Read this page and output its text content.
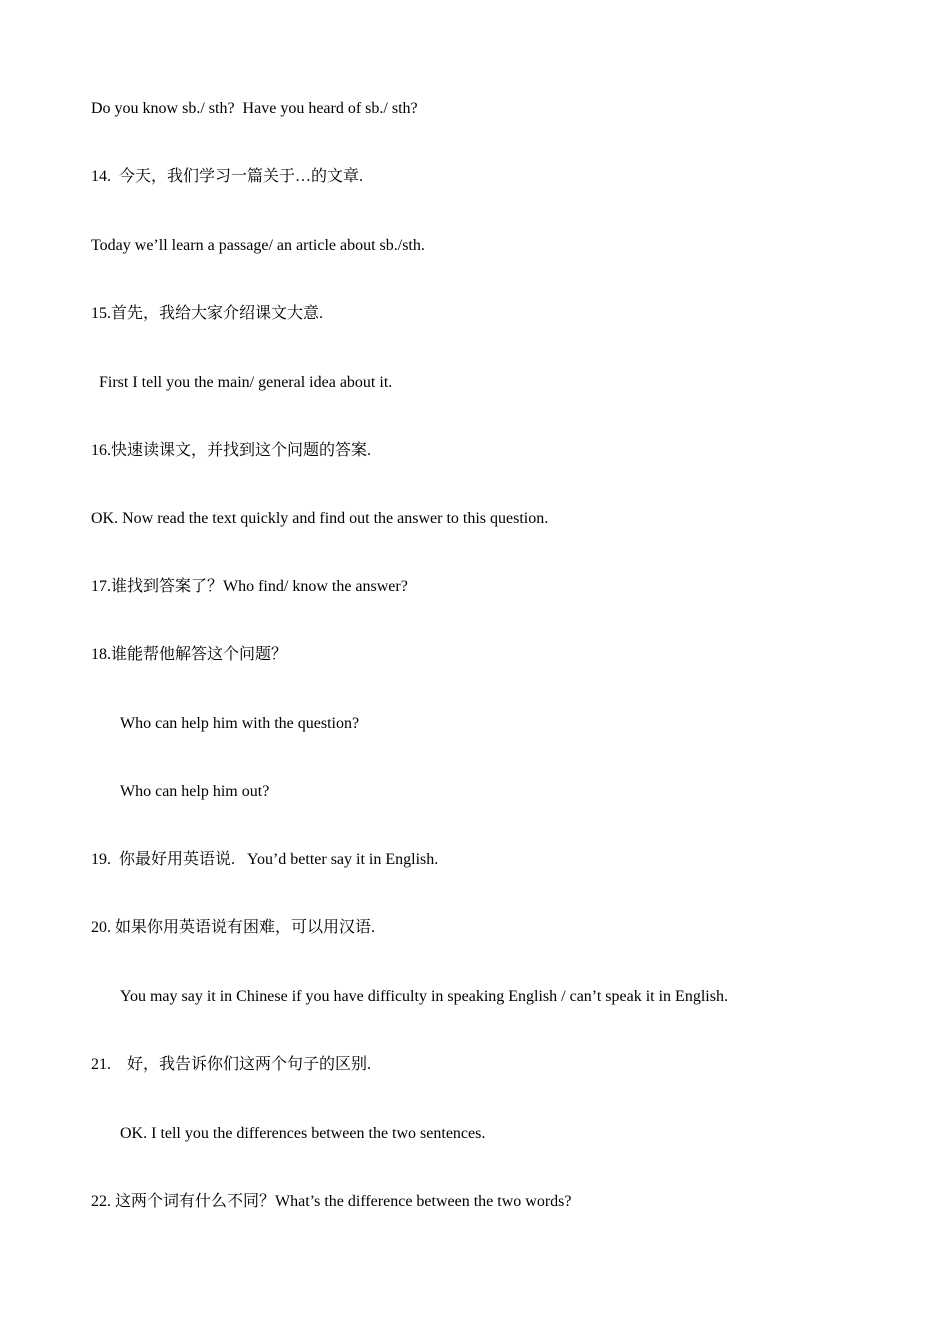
Do you know sb./ sth?  Have you heard of sb./ sth?
14.  今天，我们学习一篇关于…的文章.
Today we’ll learn a passage/ an article about sb./sth.
15.首先，我给大家介绍课文大意.
First I tell you the main/ general idea about it.
16.快速读课文，并找到这个问题的答案.
OK. Now read the text quickly and find out the answer to this question.
17.谁找到答案了？Who find/ know the answer?
18.谁能帮他解答这个问题？
Who can help him with the question?
Who can help him out?
19.  你最好用英语说.   You’d better say it in English.
20. 如果你用英语说有困难，可以用汉语.
You may say it in Chinese if you have difficulty in speaking English / can’t speak it in English.
21.    好，我告诉你们这两个句子的区别.
OK. I tell you the differences between the two sentences.
22. 这两个词有什么不同？What’s the difference between the two words?
